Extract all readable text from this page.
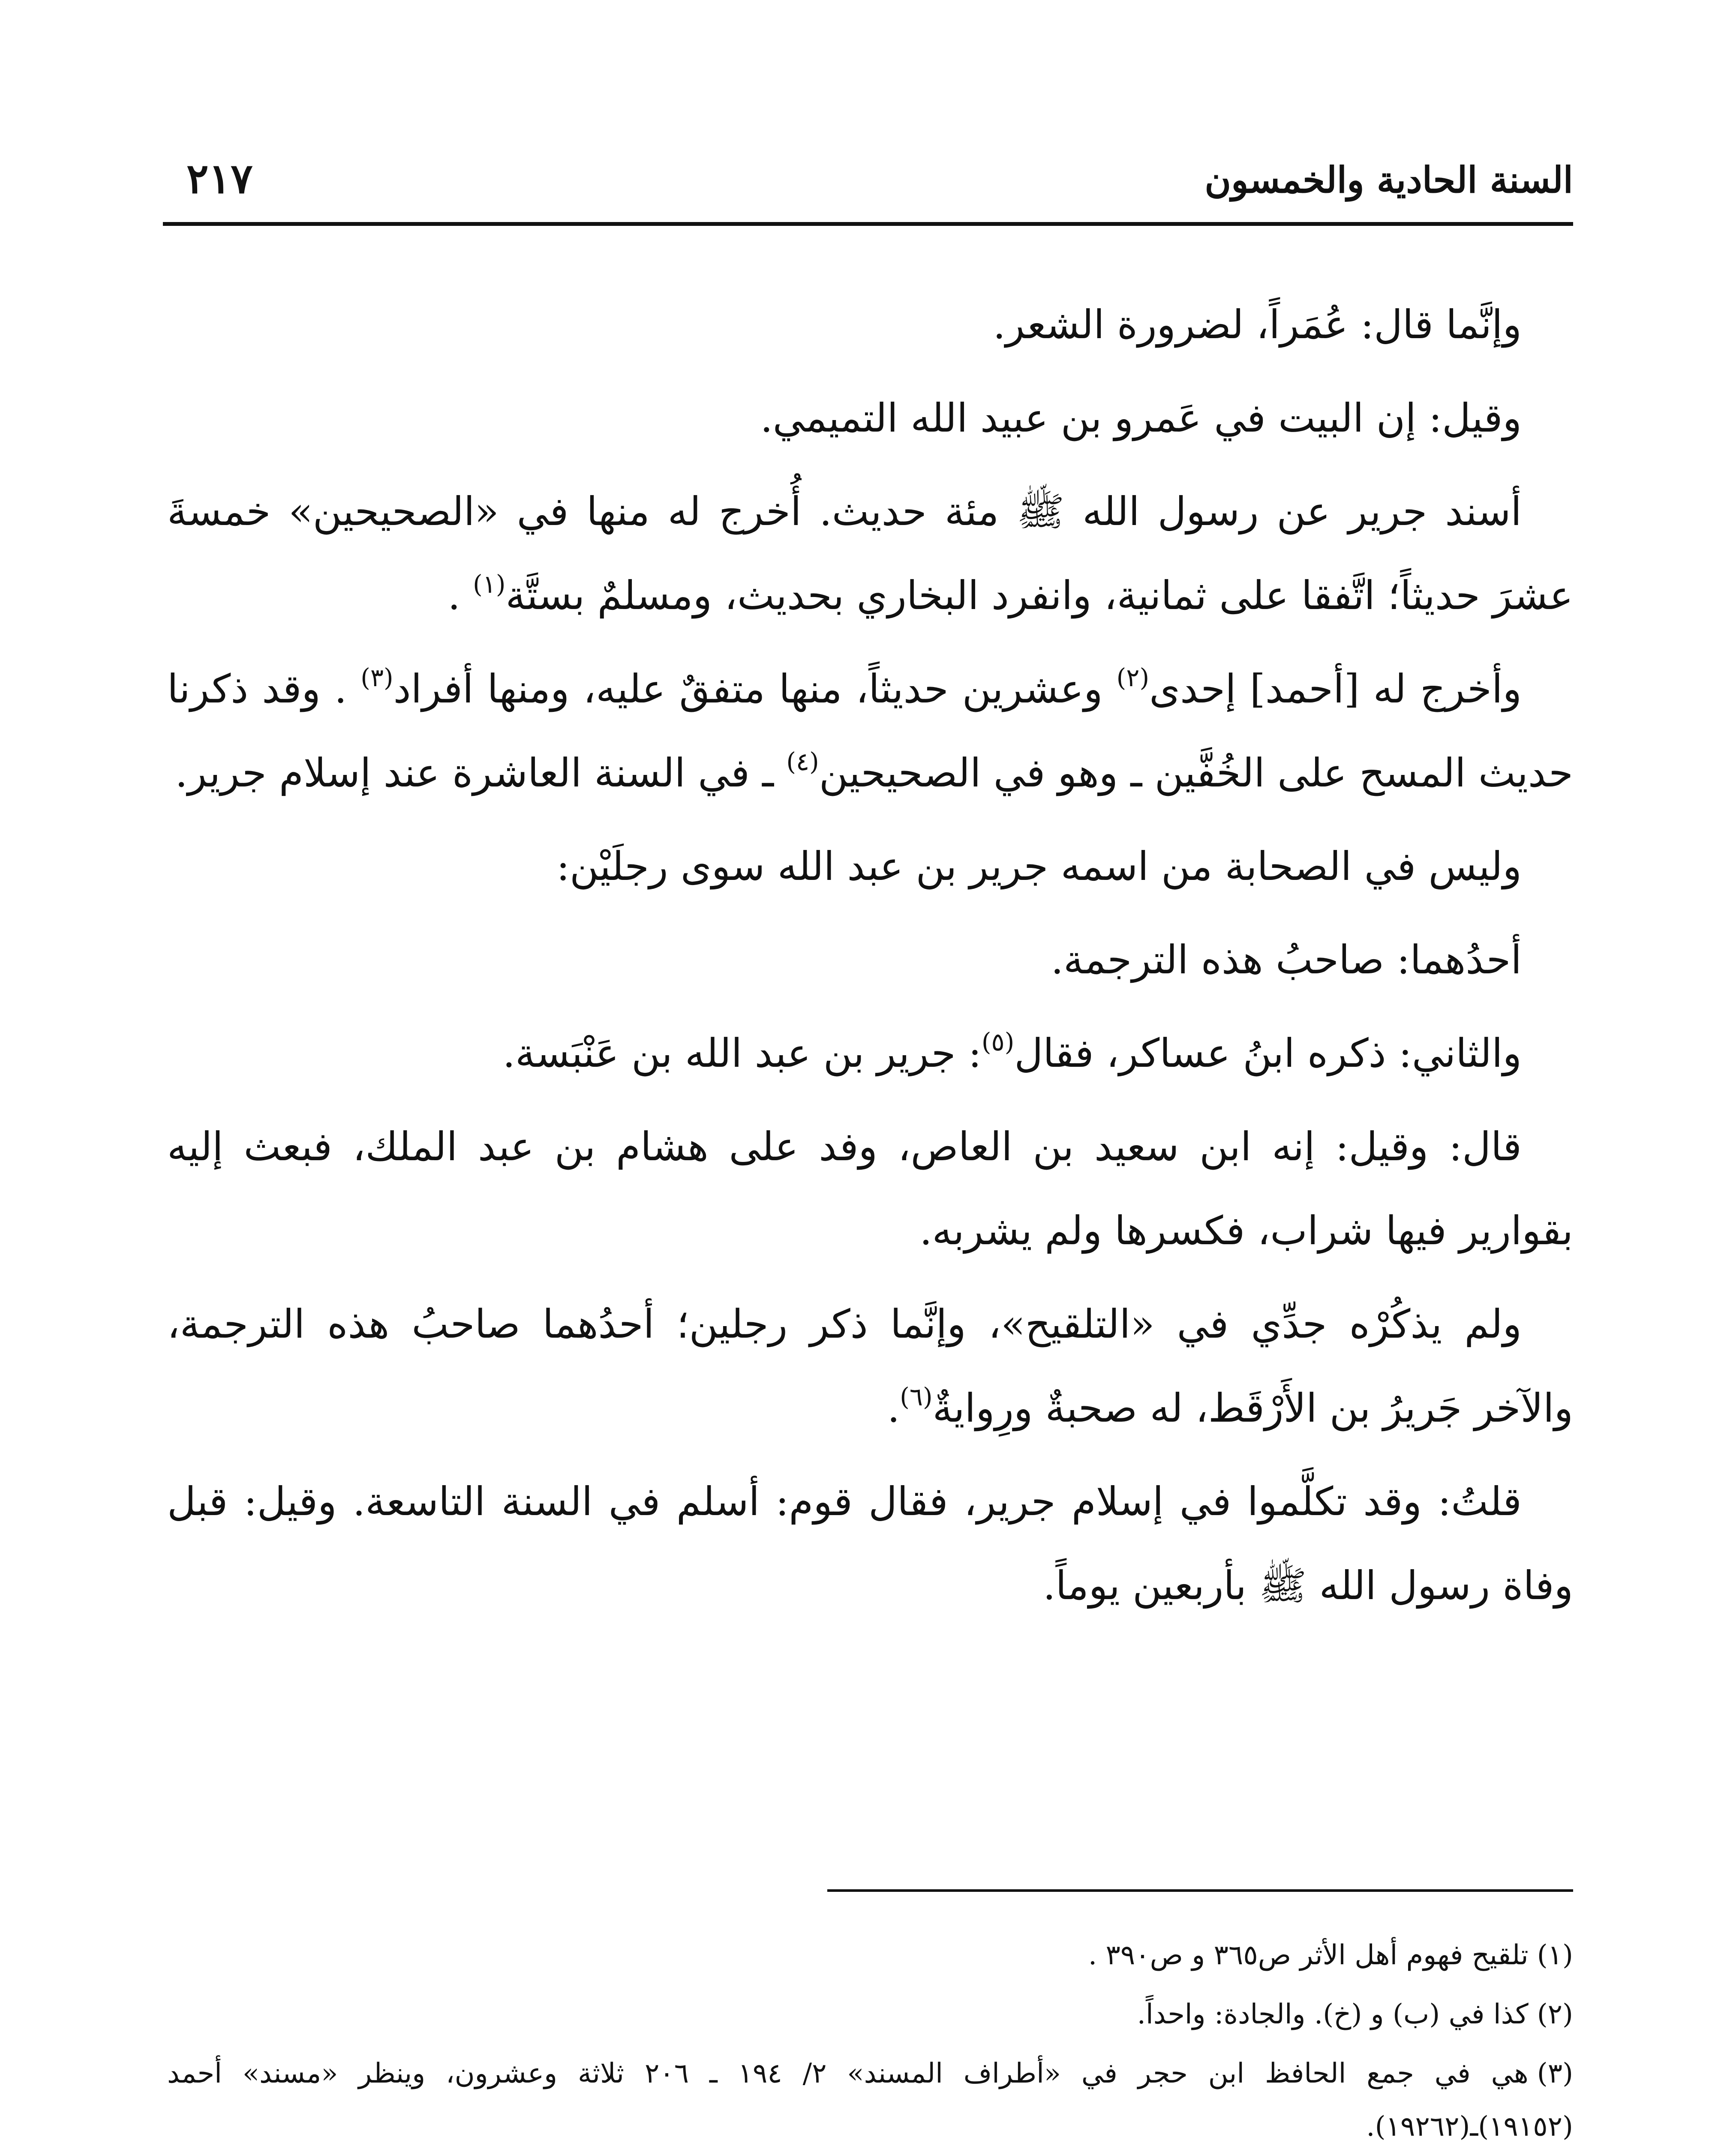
السنة الحادية والخمسون
٢١٧

وإنَّما قال: عُمَراً، لضرورة الشعر.

وقيل: إن البيت في عَمرو بن عبيد الله التميمي.

أسند جرير عن رسول الله ﷺ مئة حديث. أُخرج له منها في «الصحيحين» خمسةَ عشرَ حديثاً؛ اتَّفقا على ثمانية، وانفرد البخاري بحديث، ومسلمٌ بستَّة$^{(١)}$ .

وأخرج له [أحمد] إحدى$^{(٢)}$ وعشرين حديثاً، منها متفقٌ عليه، ومنها أفراد$^{(٣)}$ . وقد ذكرنا حديث المسح على الخُفَّين ـ وهو في الصحيحين$^{(٤)}$ ـ في السنة العاشرة عند إسلام جرير.

وليس في الصحابة من اسمه جرير بن عبد الله سوى رجلَيْن:

أحدُهما: صاحبُ هذه الترجمة.

والثاني: ذكره ابنُ عساكر، فقال$^{(٥)}$: جرير بن عبد الله بن عَنْبَسة.

قال: وقيل: إنه ابن سعيد بن العاص، وفد على هشام بن عبد الملك، فبعث إليه بقوارير فيها شراب، فكسرها ولم يشربه.

ولم يذكُرْه جدِّي في «التلقيح»، وإنَّما ذكر رجلين؛ أحدُهما صاحبُ هذه الترجمة، والآخر جَريرُ بن الأَرْقَط، له صحبةٌ ورِوايةٌ$^{(٦)}$.

قلتُ: وقد تكلَّموا في إسلام جرير، فقال قوم: أسلم في السنة التاسعة. وقيل: قبل وفاة رسول الله ﷺ بأربعين يوماً.

(١)تلقيح فهوم أهل الأثر ص٣٦٥ و ص٣٩٠ .

(٢)كذا في (ب) و (خ). والجادة: واحداً.

(٣)هي في جمع الحافظ ابن حجر في «أطراف المسند» ٢/ ١٩٤ ـ ٢٠٦ ثلاثة وعشرون، وينظر «مسند» أحمد (١٩١٥٢)ـ(١٩٢٦٢).
